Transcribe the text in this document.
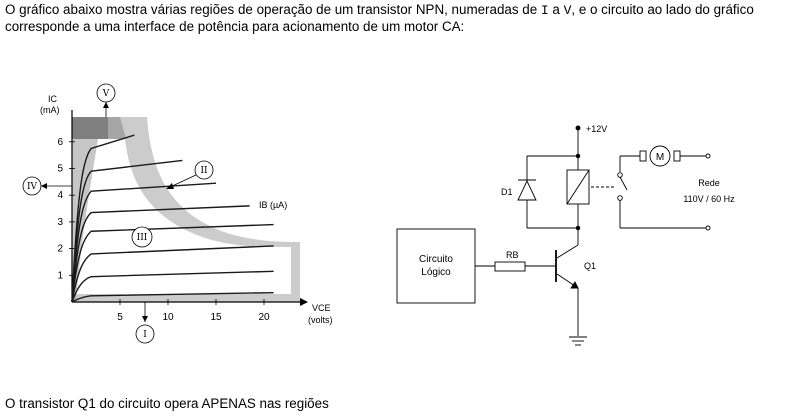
O gráfico abaixo mostra várias regiões de operação de um transistor NPN, numeradas de I a V, e o circuito ao lado do gráfico corresponde a uma interface de potência para acionamento de um motor CA:
1
2
3
4
5
6
5	10	15	20
IC
(mA)
VCE
(volts)
IB (µA)
V
II
III
IV
I
+12V
D1
RB
Q1
Circuito
Lógico
M
Rede
110V / 60 Hz
O transistor Q1 do circuito opera APENAS nas regiões
